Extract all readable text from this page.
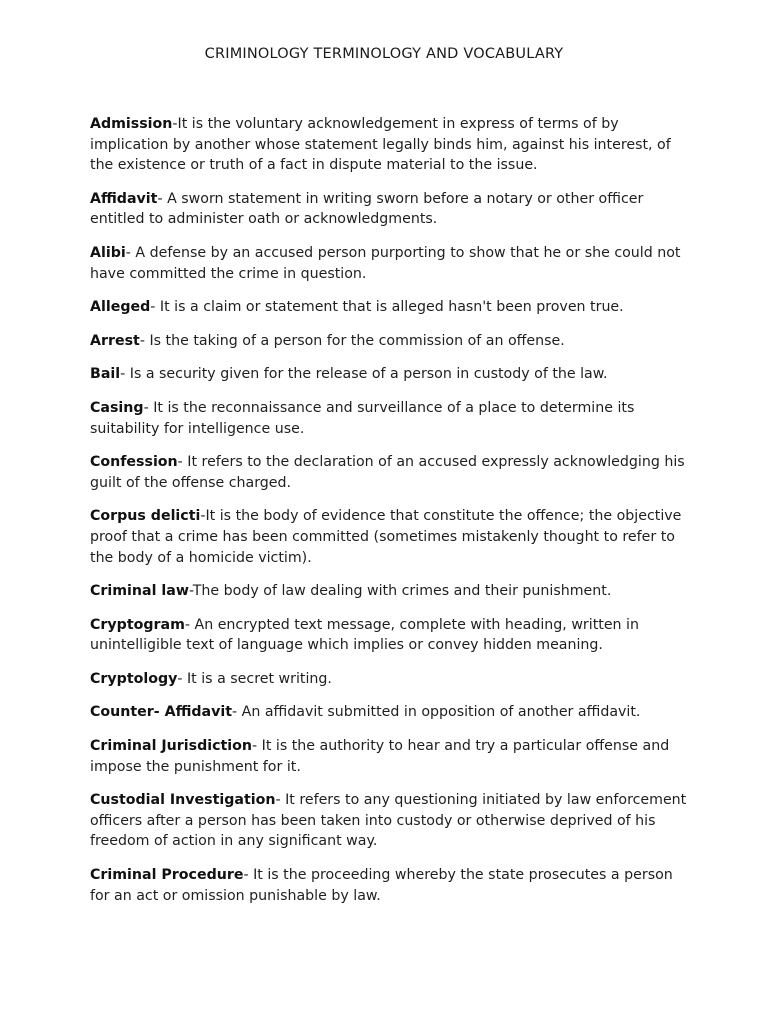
CRIMINOLOGY TERMINOLOGY AND VOCABULARY

Admission-It is the voluntary acknowledgement in express of terms of by implication by another whose statement legally binds him, against his interest, of the existence or truth of a fact in dispute material to the issue.

Affidavit- A sworn statement in writing sworn before a notary or other officer entitled to administer oath or acknowledgments.

Alibi- A defense by an accused person purporting to show that he or she could not have committed the crime in question.

Alleged- It is a claim or statement that is alleged hasn't been proven true.

Arrest- Is the taking of a person for the commission of an offense.

Bail- Is a security given for the release of a person in custody of the law.

Casing- It is the reconnaissance and surveillance of a place to determine its suitability for intelligence use.

Confession- It refers to the declaration of an accused expressly acknowledging his guilt of the offense charged.

Corpus delicti-It is the body of evidence that constitute the offence; the objective proof that a crime has been committed (sometimes mistakenly thought to refer to the body of a homicide victim).

Criminal law-The body of law dealing with crimes and their punishment.

Cryptogram- An encrypted text message, complete with heading, written in unintelligible text of language which implies or convey hidden meaning.

Cryptology- It is a secret writing.

Counter- Affidavit- An affidavit submitted in opposition of another affidavit.

Criminal Jurisdiction- It is the authority to hear and try a particular offense and impose the punishment for it.

Custodial Investigation- It refers to any questioning initiated by law enforcement officers after a person has been taken into custody or otherwise deprived of his freedom of action in any significant way.

Criminal Procedure- It is the proceeding whereby the state prosecutes a person for an act or omission punishable by law.
